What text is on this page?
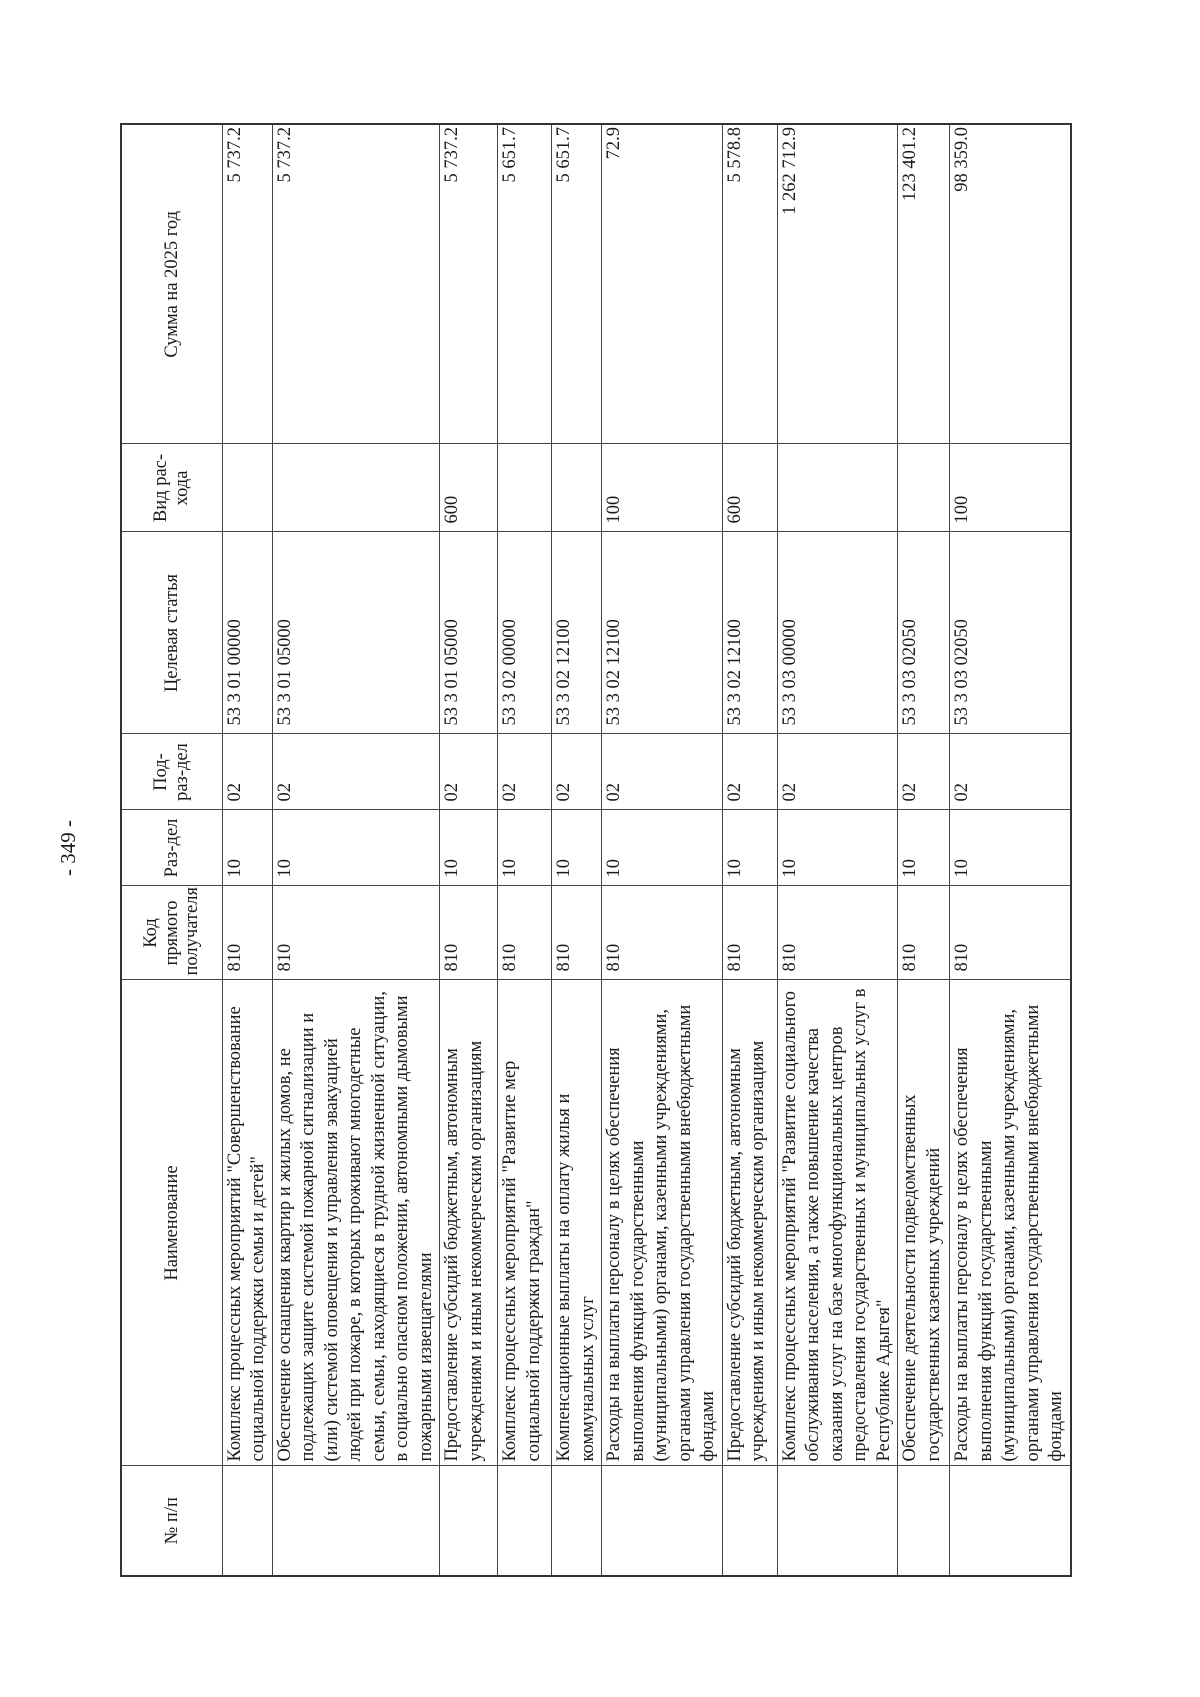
- 349 -
№ п/п	Наименование	Код прямого получателя	Раз-дел	Под-раз-дел	Целевая статья	Вид рас-хода	Сумма на 2025 год
	Комплекс процессных мероприятий "Совершенствование социальной поддержки семьи и детей"	810	10	02	53 3 01 00000		5 737.2
	Обеспечение оснащения квартир и жилых домов, не подлежащих защите системой пожарной сигнализации и (или) системой оповещения и управления эвакуацией людей при пожаре, в которых проживают многодетные семьи, семьи, находящиеся в трудной жизненной ситуации, в социально опасном положении, автономными дымовыми пожарными извещателями	810	10	02	53 3 01 05000		5 737.2
	Предоставление субсидий бюджетным, автономным учреждениям и иным некоммерческим организациям	810	10	02	53 3 01 05000	600	5 737.2
	Комплекс процессных мероприятий "Развитие мер социальной поддержки граждан"	810	10	02	53 3 02 00000		5 651.7
	Компенсационные выплаты на оплату жилья и коммунальных услуг	810	10	02	53 3 02 12100		5 651.7
	Расходы на выплаты персоналу в целях обеспечения выполнения функций государственными (муниципальными) органами, казенными учреждениями, органами управления государственными внебюджетными фондами	810	10	02	53 3 02 12100	100	72.9
	Предоставление субсидий бюджетным, автономным учреждениям и иным некоммерческим организациям	810	10	02	53 3 02 12100	600	5 578.8
	Комплекс процессных мероприятий "Развитие социального обслуживания населения, а также повышение качества оказания услуг на базе многофункциональных центров предоставления государственных и муниципальных услуг в Республике Адыгея"	810	10	02	53 3 03 00000		1 262 712.9
	Обеспечение деятельности подведомственных государственных казенных учреждений	810	10	02	53 3 03 02050		123 401.2
	Расходы на выплаты персоналу в целях обеспечения выполнения функций государственными (муниципальными) органами, казенными учреждениями, органами управления государственными внебюджетными фондами	810	10	02	53 3 03 02050	100	98 359.0
